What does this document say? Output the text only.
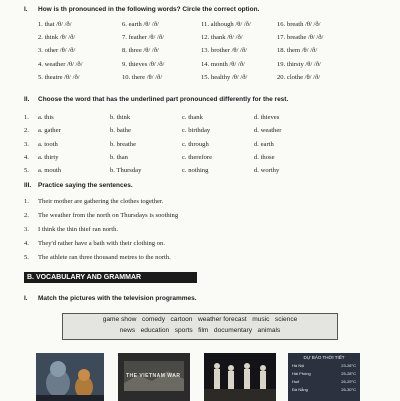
I. How is th pronounced in the following words? Circle the correct option.
1. that /θ/ /ð/	6. earth /θ/ /ð/	11. although /θ/ /ð/	16. breath /θ/ /ð/
2. think /θ/ /ð/	7. feather /θ/ /ð/	12. thank /θ/ /ð/	17. breathe /θ/ /ð/
3. other /θ/ /ð/	8. three /θ/ /ð/	13. brother /θ/ /ð/	18. them /θ/ /ð/
4. weather /θ/ /ð/	9. thieves /θ/ /ð/	14. month /θ/ /ð/	19. thirsty /θ/ /ð/
5. theatre /θ/ /ð/	10. there /θ/ /ð/	15. healthy /θ/ /ð/	20. clothe /θ/ /ð/
II. Choose the word that has the underlined part pronounced differently for the rest.
1.	a. this	b. think	c. thank	d. thieves
2.	a. gather	b. bathe	c. birthday	d. weather
3.	a. tooth	b. breathe	c. through	d. earth
4.	a. thirty	b. than	c. therefore	d. those
5.	a. mouth	b. Thursday	c. nothing	d. worthy
III. Practice saying the sentences.
1.	Their mother are gathering the clothes together.
2.	The weather from the north on Thursdays is soothing
3.	I think the thin thief ran north.
4.	They'd rather have a bath with their clothing on.
5.	The athlete ran three thousand metres to the north.
B. VOCABULARY AND GRAMMAR
I. Match the pictures with the television programmes.
game show   comedy   cartoon   weather forecast   music   science
news   education   sports   film   documentary   animals
THE VIETNAM WAR
DỰ BÁO THỜI TIẾT
Hà Nội	23-26°C
Hải Phòng	25-28°C
Huế	26-29°C
Đà Nẵng	26-30°C
